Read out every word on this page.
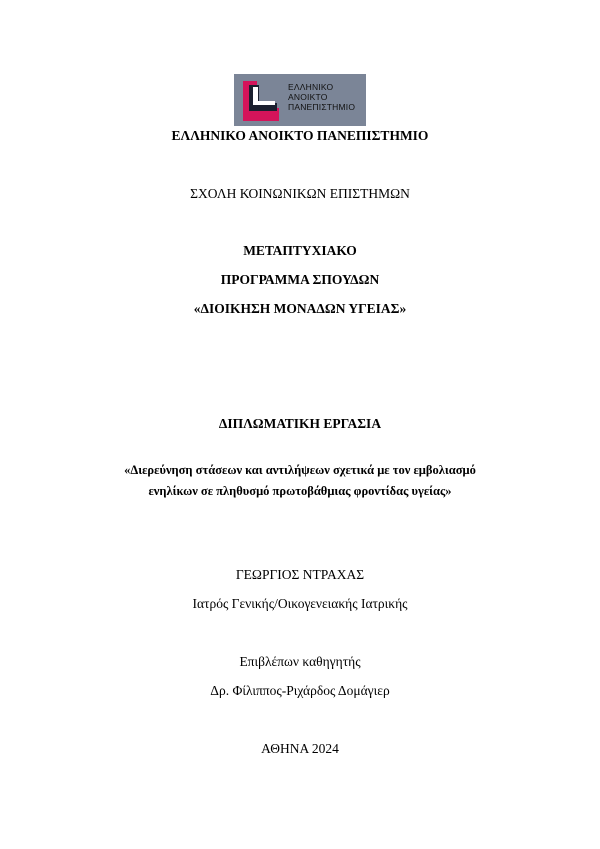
ΕΛΛΗΝΙΚΟ
ΑΝΟΙΚΤΟ
ΠΑΝΕΠΙΣΤΗΜΙΟ
ΕΛΛΗΝΙΚΟ ΑΝΟΙΚΤΟ ΠΑΝΕΠΙΣΤΗΜΙΟ
ΣΧΟΛΗ ΚΟΙΝΩΝΙΚΩΝ ΕΠΙΣΤΗΜΩΝ
ΜΕΤΑΠΤΥΧΙΑΚΟ
ΠΡΟΓΡΑΜΜΑ ΣΠΟΥΔΩΝ
«ΔΙΟΙΚΗΣΗ ΜΟΝΑΔΩΝ ΥΓΕΙΑΣ»
ΔΙΠΛΩΜΑΤΙΚΗ ΕΡΓΑΣΙΑ
«Διερεύνηση στάσεων και αντιλήψεων σχετικά με τον εμβολιασμό
ενηλίκων σε πληθυσμό πρωτοβάθμιας φροντίδας υγείας»
ΓΕΩΡΓΙΟΣ ΝΤΡΑΧΑΣ
Ιατρός Γενικής/Οικογενειακής Ιατρικής
Επιβλέπων καθηγητής
Δρ. Φίλιππος-Ριχάρδος Δομάγιερ
ΑΘΗΝΑ 2024
